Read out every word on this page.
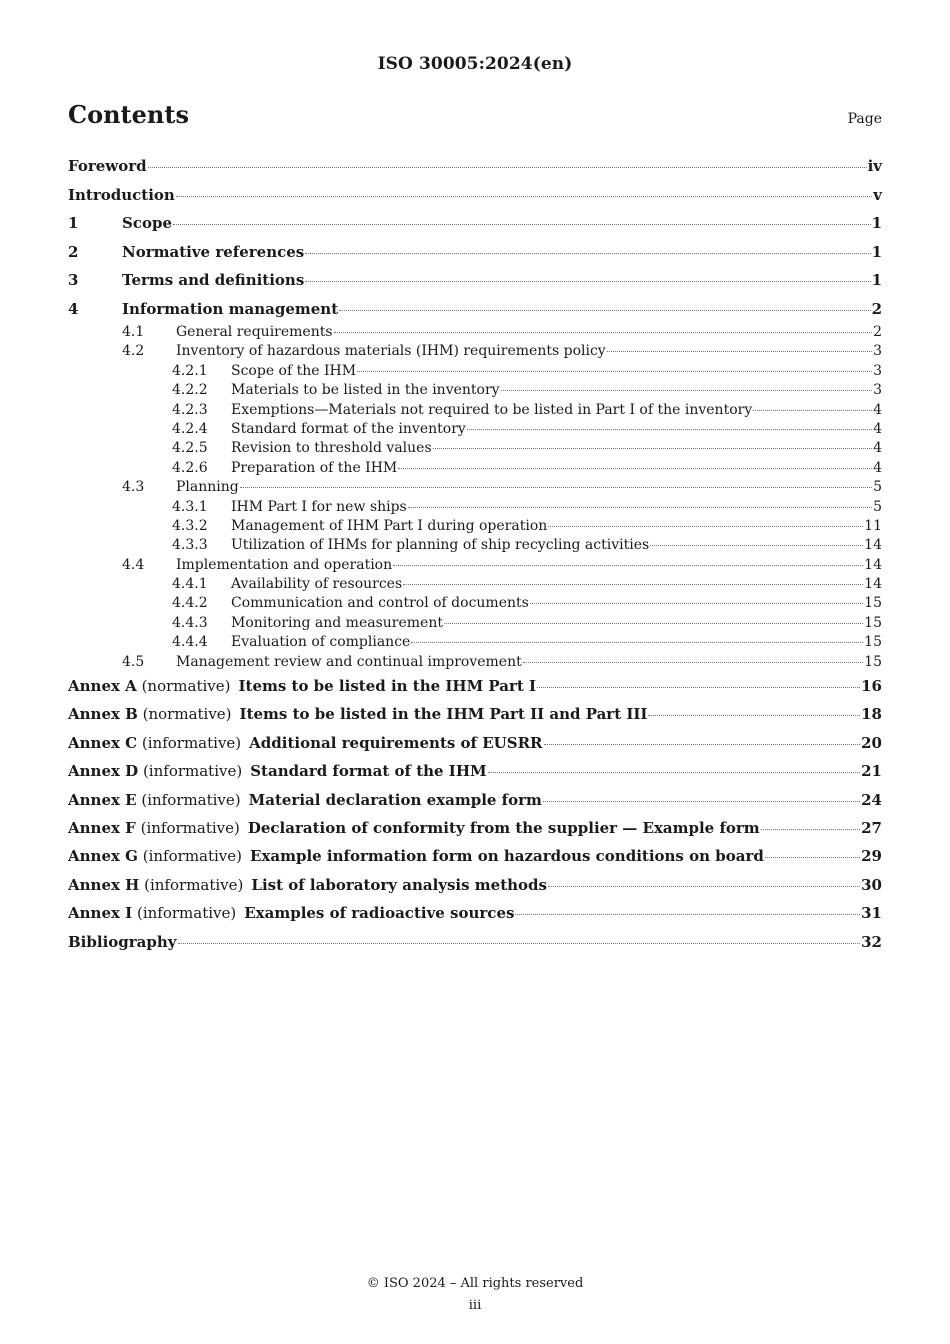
ISO 30005:2024(en)
Contents	Page
Foreword	iv
Introduction	v
1	Scope	1
2	Normative references	1
3	Terms and definitions	1
4	Information management	2
4.1	General requirements	2
4.2	Inventory of hazardous materials (IHM) requirements policy	3
4.2.1	Scope of the IHM	3
4.2.2	Materials to be listed in the inventory	3
4.2.3	Exemptions—Materials not required to be listed in Part I of the inventory	4
4.2.4	Standard format of the inventory	4
4.2.5	Revision to threshold values	4
4.2.6	Preparation of the IHM	4
4.3	Planning	5
4.3.1	IHM Part I for new ships	5
4.3.2	Management of IHM Part I during operation	11
4.3.3	Utilization of IHMs for planning of ship recycling activities	14
4.4	Implementation and operation	14
4.4.1	Availability of resources	14
4.4.2	Communication and control of documents	15
4.4.3	Monitoring and measurement	15
4.4.4	Evaluation of compliance	15
4.5	Management review and continual improvement	15
Annex A (normative) Items to be listed in the IHM Part I	16
Annex B (normative) Items to be listed in the IHM Part II and Part III	18
Annex C (informative) Additional requirements of EUSRR	20
Annex D (informative) Standard format of the IHM	21
Annex E (informative) Material declaration example form	24
Annex F (informative) Declaration of conformity from the supplier — Example form	27
Annex G (informative) Example information form on hazardous conditions on board	29
Annex H (informative) List of laboratory analysis methods	30
Annex I (informative) Examples of radioactive sources	31
Bibliography	32
© ISO 2024 – All rights reserved
iii
